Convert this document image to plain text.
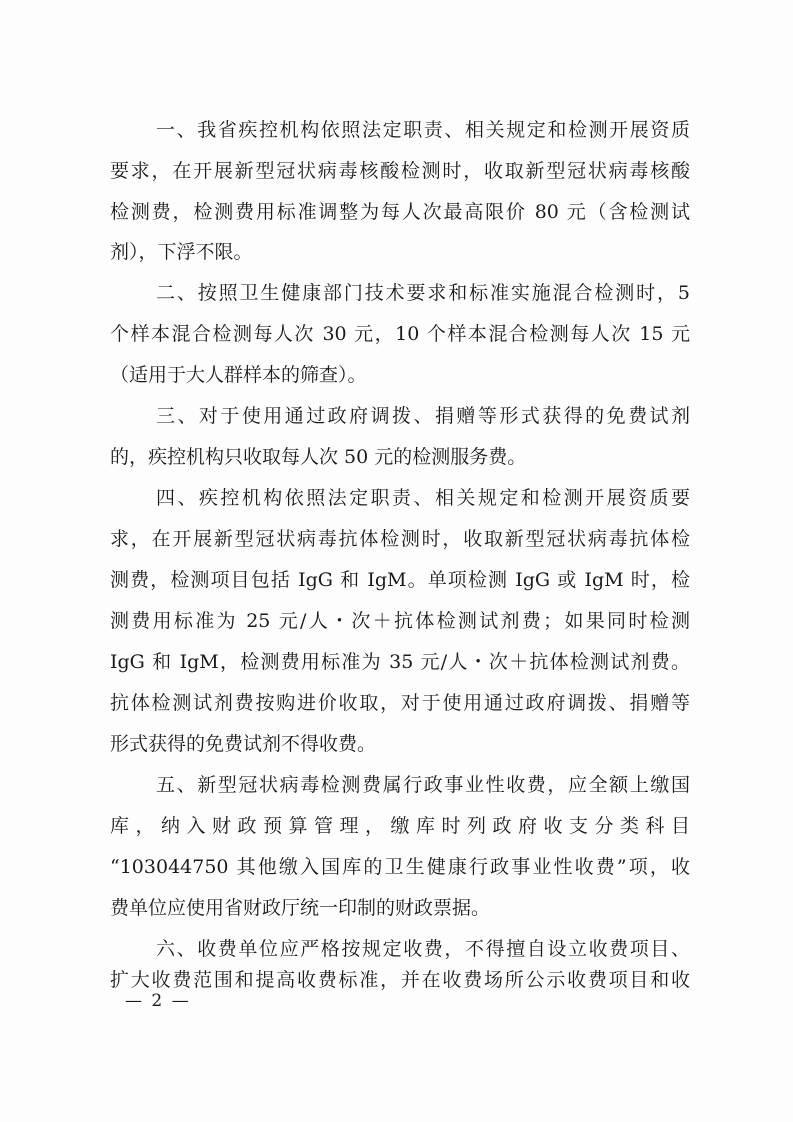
一、我省疾控机构依照法定职责、相关规定和检测开展资质
要求，在开展新型冠状病毒核酸检测时，收取新型冠状病毒核酸
检测费，检测费用标准调整为每人次最高限价 80 元（含检测试
剂），下浮不限。
二、按照卫生健康部门技术要求和标准实施混合检测时，5
个样本混合检测每人次 30 元，10 个样本混合检测每人次 15 元
（适用于大人群样本的筛查）。
三、对于使用通过政府调拨、捐赠等形式获得的免费试剂
的，疾控机构只收取每人次 50 元的检测服务费。
四、疾控机构依照法定职责、相关规定和检测开展资质要
求，在开展新型冠状病毒抗体检测时，收取新型冠状病毒抗体检
测费，检测项目包括 IgG 和 IgM。单项检测 IgG 或 IgM 时，检
测费用标准为 25 元/人・次＋抗体检测试剂费；如果同时检测
IgG 和 IgM，检测费用标准为 35 元/人・次＋抗体检测试剂费。
抗体检测试剂费按购进价收取，对于使用通过政府调拨、捐赠等
形式获得的免费试剂不得收费。
五、新型冠状病毒检测费属行政事业性收费，应全额上缴国
库，纳入财政预算管理，缴库时列政府收支分类科目
“103044750 其他缴入国库的卫生健康行政事业性收费”项，收
费单位应使用省财政厅统一印制的财政票据。
六、收费单位应严格按规定收费，不得擅自设立收费项目、
扩大收费范围和提高收费标准，并在收费场所公示收费项目和收
— 2 —
